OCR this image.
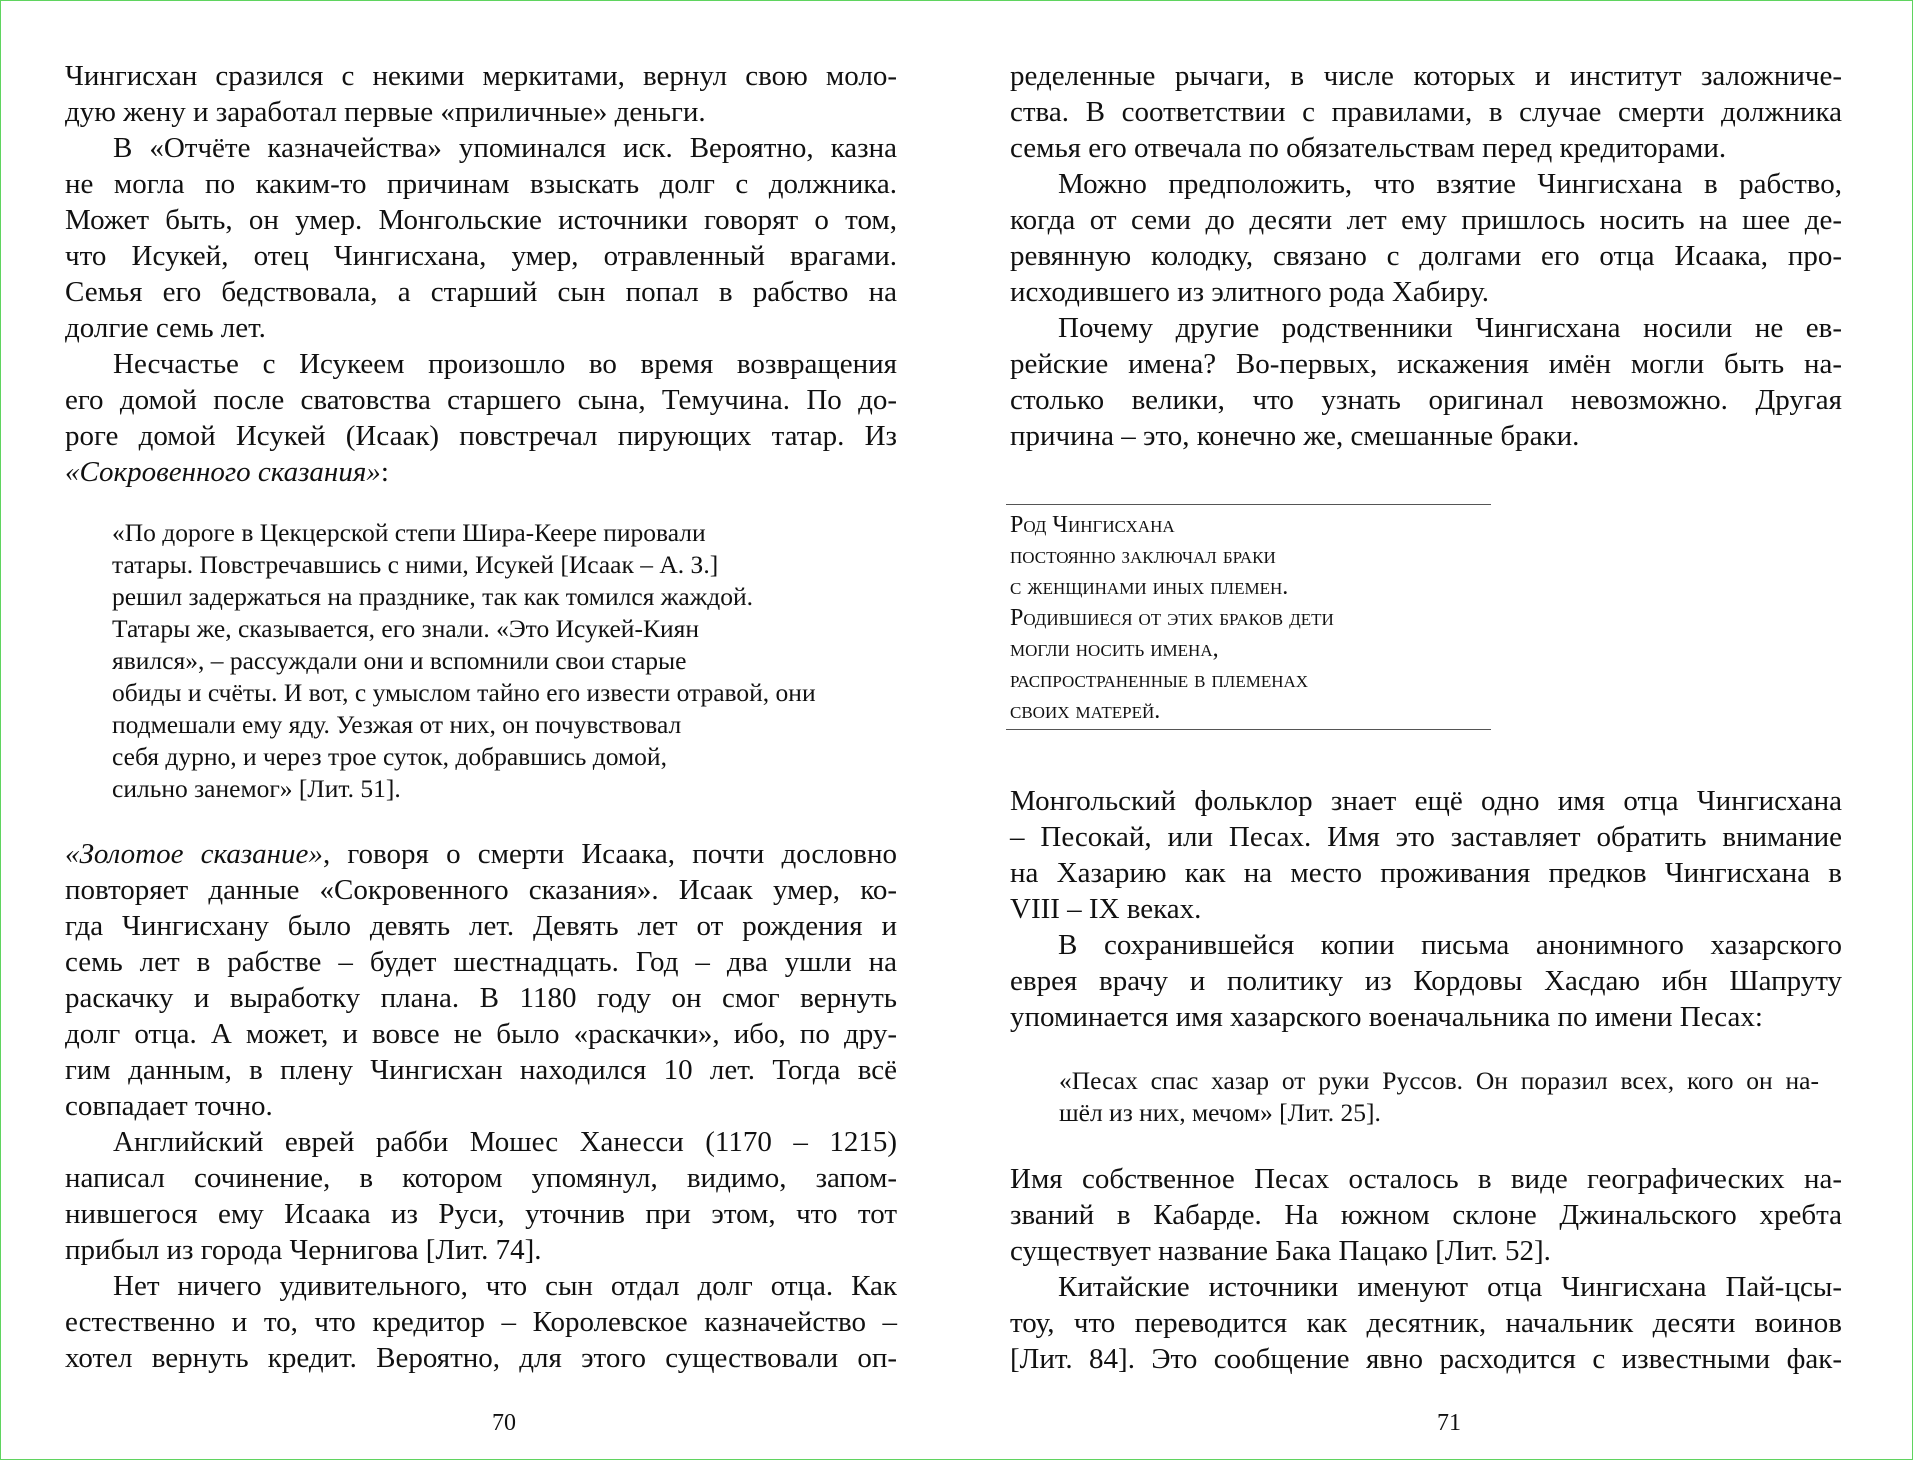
Чингисхан сразился с некими меркитами, вернул свою моло-
дую жену и заработал первые «приличные» деньги.
В «Отчёте казначейства» упоминался иск. Вероятно, казна
не могла по каким-то причинам взыскать долг с должника.
Может быть, он умер. Монгольские источники говорят о том,
что Исукей, отец Чингисхана, умер, отравленный врагами.
Семья его бедствовала, а старший сын попал в рабство на
долгие семь лет.
Несчастье с Исукеем произошло во время возвращения
его домой после сватовства старшего сына, Темучина. По до-
роге домой Исукей (Исаак) повстречал пирующих татар. Из
«Сокровенного сказания»:
«По дороге в Цекцерской степи Шира-Кеере пировали
татары. Повстречавшись с ними, Исукей [Исаак – А. З.]
решил задержаться на празднике, так как томился жаждой.
Татары же, сказывается, его знали. «Это Исукей-Киян
явился», – рассуждали они и вспомнили свои старые
обиды и счёты. И вот, с умыслом тайно его извести отравой, они
подмешали ему яду. Уезжая от них, он почувствовал
себя дурно, и через трое суток, добравшись домой,
сильно занемог» [Лит. 51].
«Золотое сказание», говоря о смерти Исаака, почти дословно
повторяет данные «Сокровенного сказания». Исаак умер, ко-
гда Чингисхану было девять лет. Девять лет от рождения и
семь лет в рабстве – будет шестнадцать. Год – два ушли на
раскачку и выработку плана. В 1180 году он смог вернуть
долг отца. А может, и вовсе не было «раскачки», ибо, по дру-
гим данным, в плену Чингисхан находился 10 лет. Тогда всё
совпадает точно.
Английский еврей рабби Мошес Ханесси (1170 – 1215)
написал сочинение, в котором упомянул, видимо, запом-
нившегося ему Исаака из Руси, уточнив при этом, что тот
прибыл из города Чернигова [Лит. 74].
Нет ничего удивительного, что сын отдал долг отца. Как
естественно и то, что кредитор – Королевское казначейство –
хотел вернуть кредит. Вероятно, для этого существовали оп-
70
ределенные рычаги, в числе которых и институт заложниче-
ства. В соответствии с правилами, в случае смерти должника
семья его отвечала по обязательствам перед кредиторами.
Можно предположить, что взятие Чингисхана в рабство,
когда от семи до десяти лет ему пришлось носить на шее де-
ревянную колодку, связано с долгами его отца Исаака, про-
исходившего из элитного рода Хабиру.
Почему другие родственники Чингисхана носили не ев-
рейские имена? Во-первых, искажения имён могли быть на-
столько велики, что узнать оригинал невозможно. Другая
причина – это, конечно же, смешанные браки.
Род Чингисхана
постоянно заключал браки
с женщинами иных племен.
Родившиеся от этих браков дети
могли носить имена,
распространенные в племенах
своих матерей.
Монгольский фольклор знает ещё одно имя отца Чингисхана
– Песокай, или Песах. Имя это заставляет обратить внимание
на Хазарию как на место проживания предков Чингисхана в
VIII – IX веках.
В сохранившейся копии письма анонимного хазарского
еврея врачу и политику из Кордовы Хасдаю ибн Шапруту
упоминается имя хазарского военачальника по имени Песах:
«Песах спас хазар от руки Руссов. Он поразил всех, кого он на-
шёл из них, мечом» [Лит. 25].
Имя собственное Песах осталось в виде географических на-
званий в Кабарде. На южном склоне Джинальского хребта
существует название Бака Пацако [Лит. 52].
Китайские источники именуют отца Чингисхана Пай-цсы-
тоу, что переводится как десятник, начальник десяти воинов
[Лит. 84]. Это сообщение явно расходится с известными фак-
71
